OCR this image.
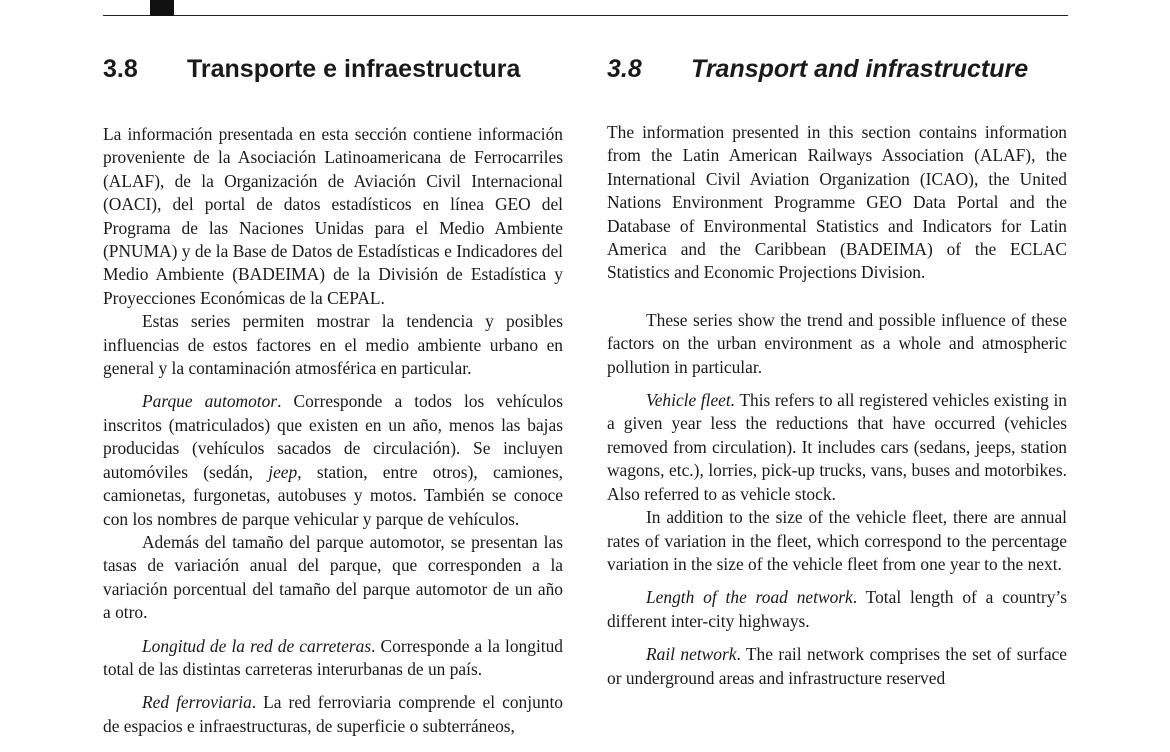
3.8 Transporte e infraestructura

La información presentada en esta sección contiene información proveniente de la Asociación Latinoamericana de Ferrocarriles (ALAF), de la Organización de Aviación Civil Internacional (OACI), del portal de datos estadísticos en línea GEO del Programa de las Naciones Unidas para el Medio Ambiente (PNUMA) y de la Base de Datos de Estadísticas e Indicadores del Medio Ambiente (BADEIMA) de la División de Estadística y Proyecciones Económicas de la CEPAL.

Estas series permiten mostrar la tendencia y posibles influencias de estos factores en el medio ambiente urbano en general y la contaminación atmosférica en particular.

Parque automotor. Corresponde a todos los vehículos inscritos (matriculados) que existen en un año, menos las bajas producidas (vehículos sacados de circulación). Se incluyen automóviles (sedán, jeep, station, entre otros), camiones, camionetas, furgonetas, autobuses y motos. También se conoce con los nombres de parque vehicular y parque de vehículos.

Además del tamaño del parque automotor, se presentan las tasas de variación anual del parque, que corresponden a la variación porcentual del tamaño del parque automotor de un año a otro.

Longitud de la red de carreteras. Corresponde a la longitud total de las distintas carreteras interurbanas de un país.

Red ferroviaria. La red ferroviaria comprende el conjunto de espacios e infraestructuras, de superficie o subterráneos,

3.8 Transport and infrastructure

The information presented in this section contains information from the Latin American Railways Association (ALAF), the International Civil Aviation Organization (ICAO), the United Nations Environment Programme GEO Data Portal and the Database of Environmental Statistics and Indicators for Latin America and the Caribbean (BADEIMA) of the ECLAC Statistics and Economic Projections Division.

These series show the trend and possible influence of these factors on the urban environment as a whole and atmospheric pollution in particular.

Vehicle fleet. This refers to all registered vehicles existing in a given year less the reductions that have occurred (vehicles removed from circulation). It includes cars (sedans, jeeps, station wagons, etc.), lorries, pick-up trucks, vans, buses and motorbikes. Also referred to as vehicle stock.

In addition to the size of the vehicle fleet, there are annual rates of variation in the fleet, which correspond to the percentage variation in the size of the vehicle fleet from one year to the next.

Length of the road network. Total length of a country’s different inter-city highways.

Rail network. The rail network comprises the set of surface or underground areas and infrastructure reserved
